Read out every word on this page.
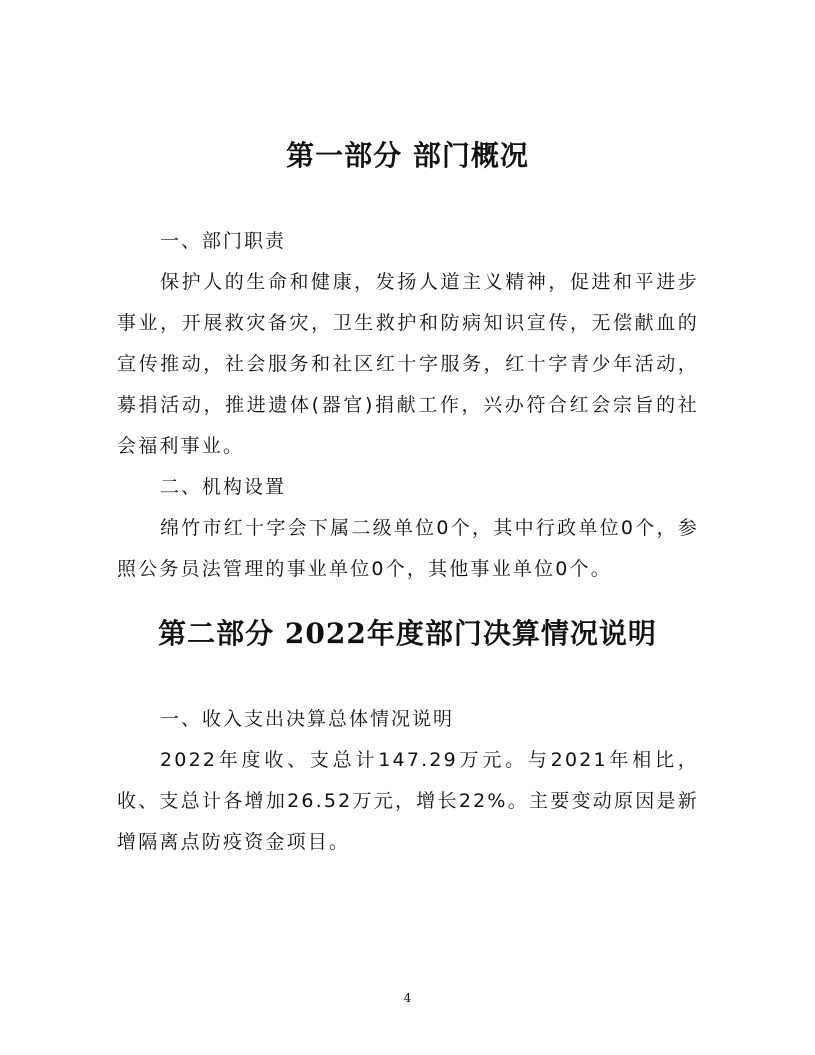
第一部分 部门概况

一、部门职责

保护人的生命和健康，发扬人道主义精神，促进和平进步事业，开展救灾备灾，卫生救护和防病知识宣传，无偿献血的宣传推动，社会服务和社区红十字服务，红十字青少年活动，募捐活动，推进遗体(器官)捐献工作，兴办符合红会宗旨的社会福利事业。

二、机构设置

绵竹市红十字会下属二级单位0个，其中行政单位0个，参照公务员法管理的事业单位0个，其他事业单位0个。

第二部分 2022年度部门决算情况说明

一、收入支出决算总体情况说明

2022年度收、支总计147.29万元。与2021年相比，收、支总计各增加26.52万元，增长22%。主要变动原因是新增隔离点防疫资金项目。

4
